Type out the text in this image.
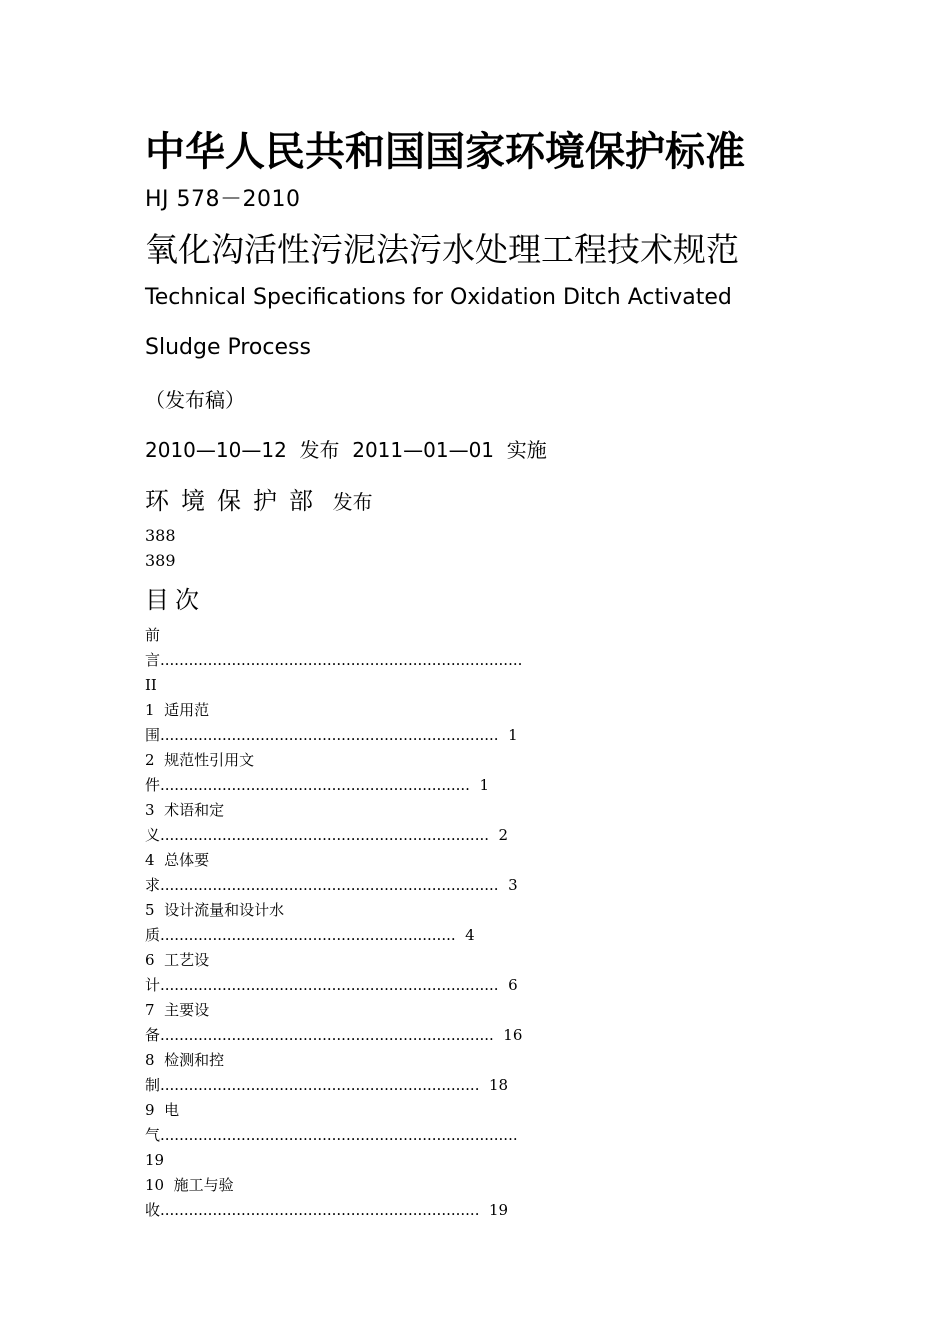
中华人民共和国国家环境保护标准
HJ 578－2010
氧化沟活性污泥法污水处理工程技术规范
Technical Specifications for Oxidation Ditch Activated
Sludge Process
（发布稿）
2010—10—12  发布  2011—01—01  实施
环境保护部 发布
388
389
目次
前
言............................................................................
II
1  适用范
围.......................................................................  1
2  规范性引用文
件.................................................................  1
3  术语和定
义.....................................................................  2
4  总体要
求.......................................................................  3
5  设计流量和设计水
质..............................................................  4
6  工艺设
计.......................................................................  6
7  主要设
备......................................................................  16
8  检测和控
制...................................................................  18
9  电
气...........................................................................
19
10  施工与验
收...................................................................  19
